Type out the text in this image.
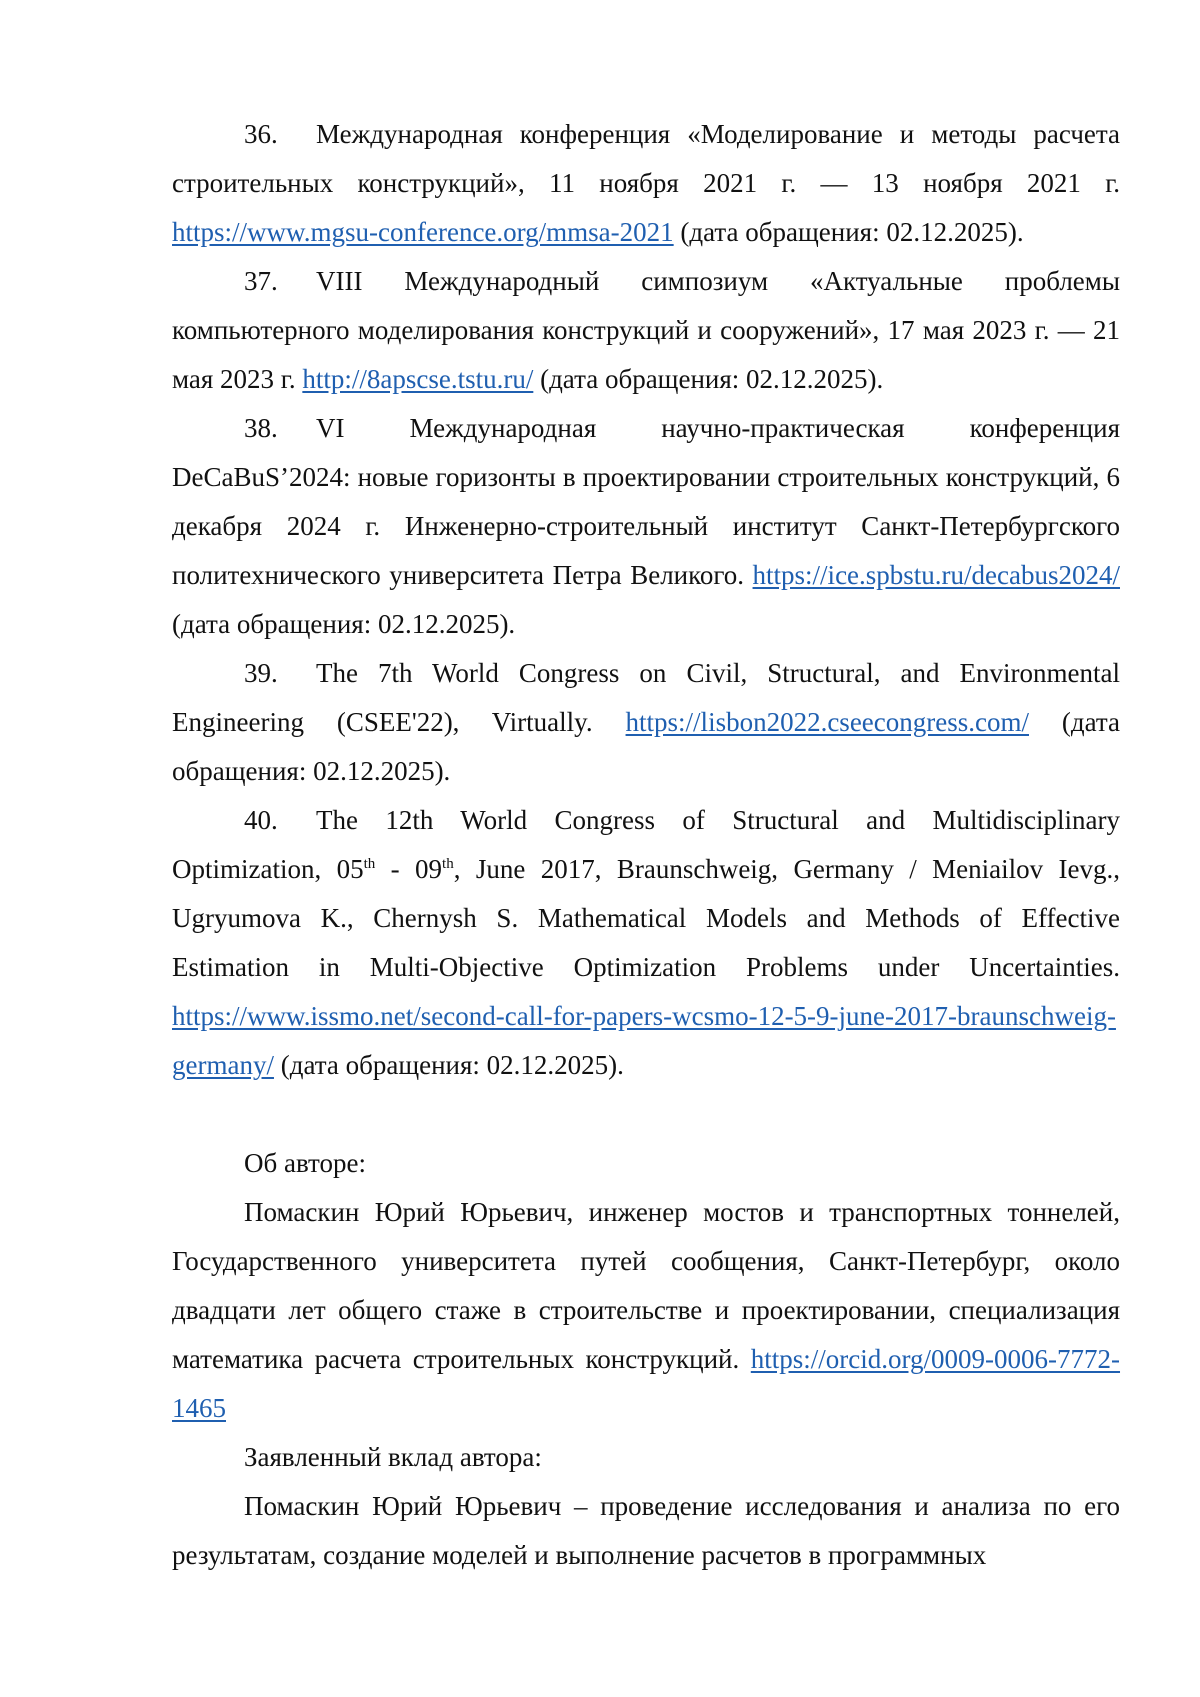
36. Международная конференция «Моделирование и методы расчета строительных конструкций», 11 ноября 2021 г. — 13 ноября 2021 г. https://www.mgsu-conference.org/mmsa-2021 (дата обращения: 02.12.2025).

37. VIII Международный симпозиум «Актуальные проблемы компьютерного моделирования конструкций и сооружений», 17 мая 2023 г. — 21 мая 2023 г. http://8apscse.tstu.ru/ (дата обращения: 02.12.2025).

38. VI Международная научно-практическая конференция DeCaBuS’2024: новые горизонты в проектировании строительных конструкций, 6 декабря 2024 г. Инженерно-строительный институт Санкт-Петербургского политехнического университета Петра Великого. https://ice.spbstu.ru/decabus2024/ (дата обращения: 02.12.2025).

39. The 7th World Congress on Civil, Structural, and Environmental Engineering (CSEE'22), Virtually. https://lisbon2022.cseecongress.com/ (дата обращения: 02.12.2025).

40. The 12th World Congress of Structural and Multidisciplinary Optimization, 05th - 09th, June 2017, Braunschweig, Germany / Meniailov Ievg., Ugryumova K., Chernysh S. Mathematical Models and Methods of Effective Estimation in Multi-Objective Optimization Problems under Uncertainties. https://www.issmo.net/second-call-for-papers-wcsmo-12-5-9-june-2017-braunschweig-germany/ (дата обращения: 02.12.2025).

Об авторе:

Помаскин Юрий Юрьевич, инженер мостов и транспортных тоннелей, Государственного университета путей сообщения, Санкт-Петербург, около двадцати лет общего стаже в строительстве и проектировании, специализация математика расчета строительных конструкций. https://orcid.org/0009-0006-7772-1465

Заявленный вклад автора:

Помаскин Юрий Юрьевич – проведение исследования и анализа по его результатам, создание моделей и выполнение расчетов в программных
